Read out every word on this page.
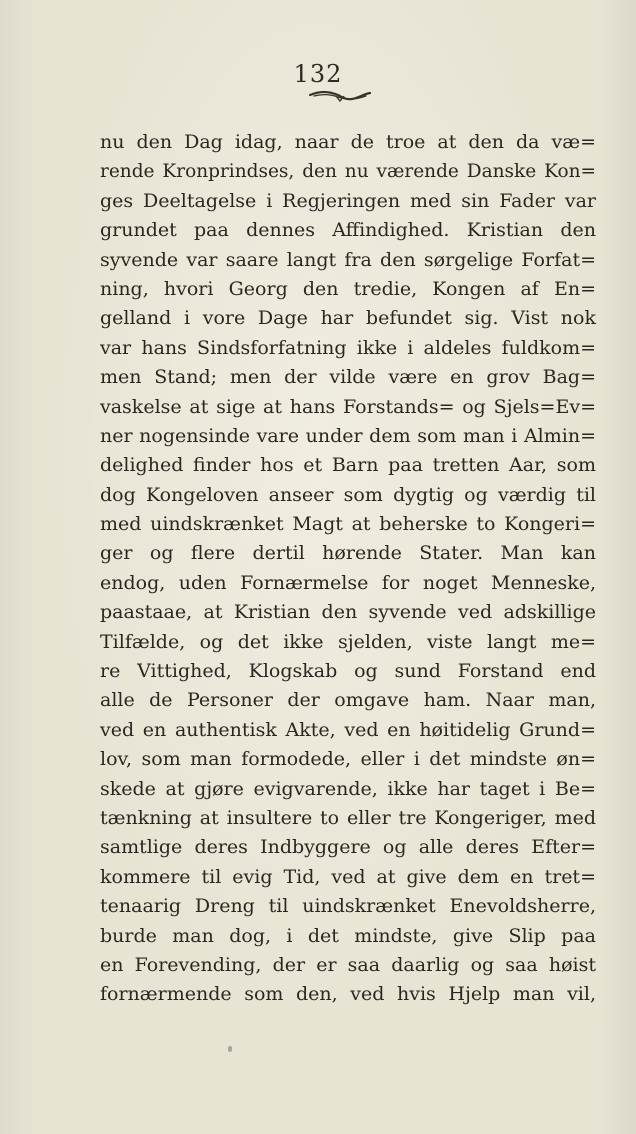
132
nu den Dag idag, naar de troe at den da væ=
rende Kronprindses, den nu værende Danske Kon=
ges Deeltagelse i Regjeringen med sin Fader var
grundet paa dennes Affindighed. Kristian den
syvende var saare langt fra den sørgelige Forfat=
ning, hvori Georg den tredie, Kongen af En=
gelland i vore Dage har befundet sig. Vist nok
var hans Sindsforfatning ikke i aldeles fuldkom=
men Stand; men der vilde være en grov Bag=
vaskelse at sige at hans Forstands= og Sjels=Ev=
ner nogensinde vare under dem som man i Almin=
delighed finder hos et Barn paa tretten Aar, som
dog Kongeloven anseer som dygtig og værdig til
med uindskrænket Magt at beherske to Kongeri=
ger og flere dertil hørende Stater. Man kan
endog, uden Fornærmelse for noget Menneske,
paastaae, at Kristian den syvende ved adskillige
Tilfælde, og det ikke sjelden, viste langt me=
re Vittighed, Klogskab og sund Forstand end
alle de Personer der omgave ham. Naar man,
ved en authentisk Akte, ved en høitidelig Grund=
lov, som man formodede, eller i det mindste øn=
skede at gjøre evigvarende, ikke har taget i Be=
tænkning at insultere to eller tre Kongeriger, med
samtlige deres Indbyggere og alle deres Efter=
kommere til evig Tid, ved at give dem en tret=
tenaarig Dreng til uindskrænket Enevoldsherre,
burde man dog, i det mindste, give Slip paa
en Forevending, der er saa daarlig og saa høist
fornærmende som den, ved hvis Hjelp man vil,
